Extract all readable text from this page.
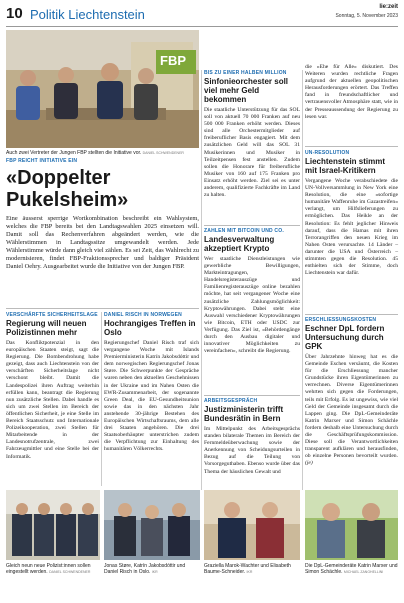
10 Politik Liechtenstein	lie:zeit
Sonntag, 5. November 2023
FBP
Auch zwei Vertreter der Jungen FBP stellten die Initiative vor. DANIEL SCHWENDENER
FBP REICHT INITIATIVE EIN
«Doppelter Pukelsheim»
Eine äusserst sperrige Wortkombination beschreibt ein Wahlsystem, welches die FBP bereits bei den Landtagswahlen 2025 einsetzen will. Damit soll das Rechenverfahren abgeändert werden, wie die Wählerstimmen in Landtagssitze umgewandelt werden. Jede Wählerstimme würde dann gleich viel zählen. Es sei Zeit, das Wahlrecht zu modernisieren, findet FBP-Fraktionssprecher und baldiger Präsident Daniel Oehry. Ausgearbeitet wurde die Initiative von der Jungen FBP.
VERSCHÄRFTE SICHERHEITSLAGE
Regierung will neuen Polizistinnen mehr
Das Konfliktpotenzial in den europäischen Staaten steigt, sagt die Regierung. Die Bombendrohung habe gezeigt, dass auch Liechtenstein von der verschärften Sicherheitslage nicht verschont bleibt. Damit die Landespolizei ihren Auftrag weiterhin erfüllen kann, beantragt die Regierung nun zusätzliche Stellen. Dabei handle es sich um zwei Stellen im Bereich der öffentlichen Sicherheit, je eine Stelle im Bereich Staatsschutz und Internationale Polizeikooperation, zwei Stellen für Mitarbeitende in der Landesnotrufzentrale, zwei Fahrzeugmittler und eine Stelle bei der Informatik.
DANIEL RISCH IN NORWEGEN
Hochrangiges Treffen in Oslo
Regierungschef Daniel Risch traf sich vergangene Woche mit Islands Premierministerin Katrín Jakobsdóttir und dem norwegischen Regierungschef Jonas Støre. Die Schwerpunkte der Gespräche waren neben den aktuellen Geschehnissen in der Ukraine und im Nahen Osten die EWR-Zusammenarbeit, der sogenannte Green Deal, die EU-Gesundheitsunion sowie das in den nächsten Jahr anstehende 30-jährige Bestehen des Europäischen Wirtschaftsraums, dem alle drei Staaten angehören. Die drei Staatsoberhäupter unterstrichen zudem die Verpflichtung zur Einhaltung des humanitären Völkerrechts.
BIS ZU EINER HALBEN MILLION
Sinfonieorchester soll viel mehr Geld bekommen
Die staatliche Unterstützung für das SOL soll von aktuell 70 000 Franken auf neu 500 000 Franken erhöht werden. Dieses sind alle Orchestermitglieder auf freiberuflicher Basis engagiert. Mit dem zusätzlichen Geld will das SOL 31 Musikerinnen und Musiker in Teilzeitpensen fest anstellen. Zudem sollen die Honorare für freiberufliche Musiker von 160 auf 175 Franken pro Einsatz erhöht werden. Ziel sei es unter anderem, qualifizierte Fachkräfte im Land zu halten.
ZAHLEN MIT BITCOIN UND CO.
Landesverwaltung akzeptiert Krypto
Wer staatliche Dienstleistungen wie gewerbliche Bewilligungen, Markteintragungen, Handelsregisterauszüge und Familienregisterauszüge online bezahlen möchte, hat seit vergangener Woche eine zusätzliche Zahlungsmöglichkeit: Kryptowährungen. Dabei steht eine Auswahl verschiedener Kryptowährungen wie Bitcoin, ETH oder USDC zur Verfügung. Das Ziel ist, «Behördengänge durch den Ausbau digitaler und innovativer Möglichkeiten zu vereinfachen», schreibt die Regierung.
ARBEITSGESPRÄCH
Justizministerin trifft Bundesrätin in Bern
Im Mittelpunkt des Arbeitsgesprächs standen bilaterale Themen im Bereich der Fernmeldeüberwachung sowie der Anerkennung von Scheidungsurteilen in Bezug auf die Teilung von Vorsorgeguthaben. Ebenso wurde über das Thema der häuslichen Gewalt und
die «Ehe für Alle» diskutiert. Des Weiteren wurden rechtliche Fragen aufgrund der aktuellen geopolitischen Herausforderungen erörtert. Das Treffen fand in freundschaftlicher und vertrauensvoller Atmosphäre statt, wie in der Presseaussendung der Regierung zu lesen war.
UN-RESOLUTION
Liechtenstein stimmt mit Israel-Kritikern
Vergangene Woche verabschiedete die UN-Vollversammlung in New York eine Resolution, die eine «sofortige humanitäre Waffenruhe im Gazastreifen» verlangt, um Hilfslieferungen zu ermöglichen. Das Heikle an der Resolution: Es fehlt jeglicher Hinweis darauf, dass die Hamas mit ihren Terrorangriffen den neuen Krieg im Nahen Osten verursachte. 14 Länder – darunter die USA und Österreich – stimmten gegen die Resolution. 45 enthielten sich der Stimme, doch Liechtenstein war dafür.
ERSCHLIESSUNGSKOSTEN
Eschner DpL fordern Untersuchung durch GPK
Über Jahrzehnte hinweg hat es die Gemeinde Eschen versäumt, die Kosten für die Erschliessung mancher Grundstücke ihren Eigentümerinnen zu verrechnen. Diverse Eigentümerinnen wehrten sich gegen die Forderungen, teils mit Erfolg. Es ist ungewiss, wie viel Geld der Gemeinde insgesamt durch die Lappen ging. Die DpL-Gemeinderäte Katrin Marxer und Simon Schächle fordern deshalb eine Untersuchung durch die Geschäftsprüfungskommission. Diese soll die Verantwortlichkeiten transparent aufklären und herausfinden, ob einzelne Personen bevorteilt wurden. (je)
Gleich neun neue Polizist:innen sollen eingestellt werden. DANIEL SCHWENDENER
Jonas Støre, Katrín Jakobsdóttir und Daniel Risch in Oslo. IKR
Graziella Marok-Wachter und Elisabeth Baume-Schneider. IKR
Die DpL-Gemeinderäte Katrin Marxer und Simon Schächle. MICHAEL ZANGHELLINI
